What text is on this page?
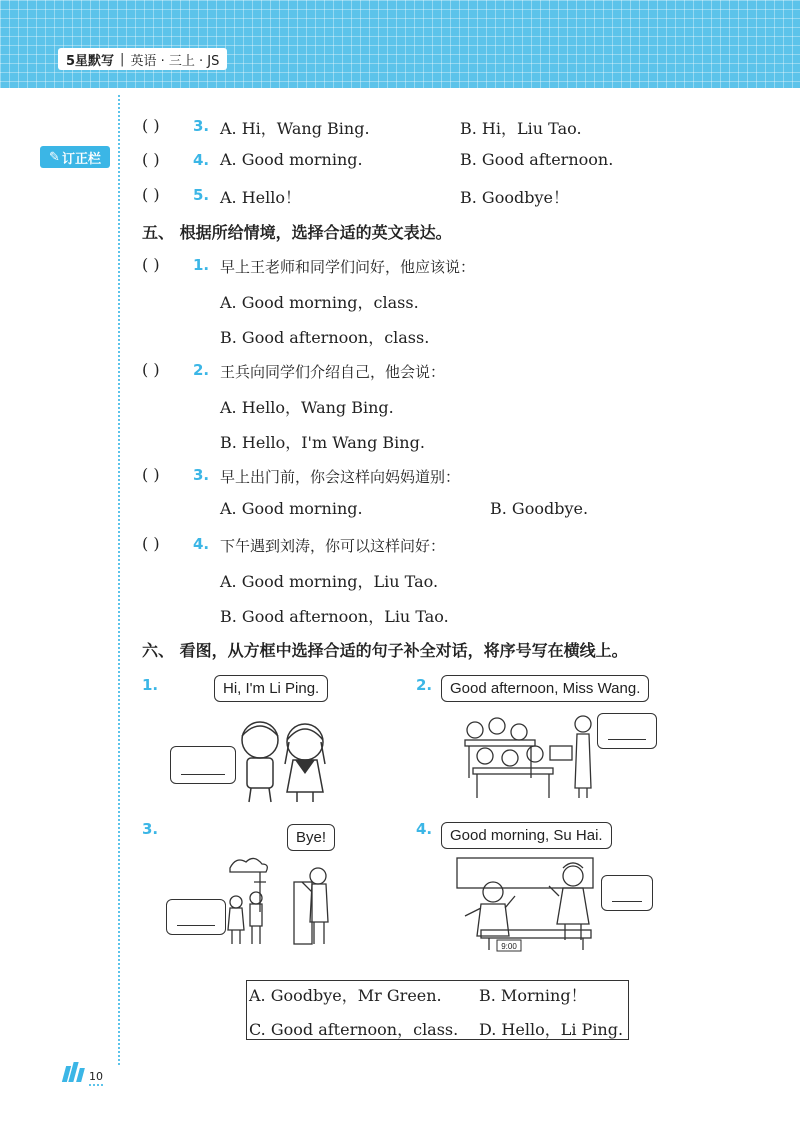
5星默写 | 英语 · 三上 · JS
✎ 订正栏
( ) 3. A. Hi，Wang Bing.	B. Hi，Liu Tao.
( ) 4. A. Good morning.	B. Good afternoon.
( ) 5. A. Hello！	B. Goodbye！
五、 根据所给情境，选择合适的英文表达。
( ) 1. 早上王老师和同学们问好，他应该说：
A. Good morning，class.
B. Good afternoon，class.
( ) 2. 王兵向同学们介绍自己，他会说：
A. Hello，Wang Bing.
B. Hello，I'm Wang Bing.
( ) 3. 早上出门前，你会这样向妈妈道别：
A. Good morning.	B. Goodbye.
( ) 4. 下午遇到刘涛，你可以这样问好：
A. Good morning，Liu Tao.
B. Good afternoon，Liu Tao.
六、 看图，从方框中选择合适的句子补全对话，将序号写在横线上。
1.	Hi, I'm Li Ping.	2.	Good afternoon, Miss Wang.
3.	Bye!	4.	Good morning, Su Hai.
9:00
A. Goodbye，Mr Green. B. Morning！
C. Good afternoon，class. D. Hello，Li Ping.
10
